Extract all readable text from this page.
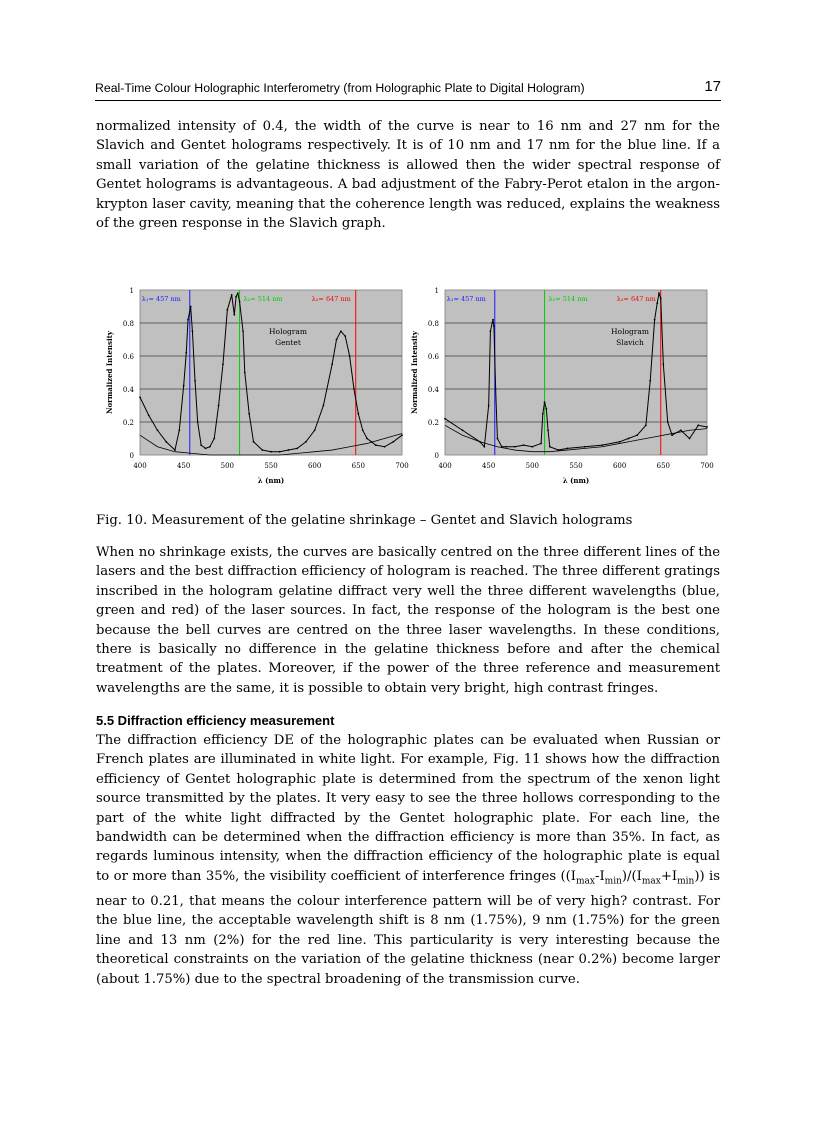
Real-Time Colour Holographic Interferometry (from Holographic Plate to Digital Hologram)	17

normalized intensity of 0.4, the width of the curve is near to 16 nm and 27 nm for the Slavich and Gentet holograms respectively. It is of 10 nm and 17 nm for the blue line. If a small variation of the gelatine thickness is allowed then the wider spectral response of Gentet holograms is advantageous. A bad adjustment of the Fabry-Perot etalon in the argon-krypton laser cavity, meaning that the coherence length was reduced, explains the weakness of the green response in the Slavich graph.

0
0.2
0.4
0.6
0.8
1
400	450	500	550	600	650	700
λ (nm)
Normalized Intensity
λ₁= 457 nm	λ₂= 514 nm	λ₃= 647 nm
Hologram
Gentet
0
0.2
0.4
0.6
0.8
1
400	450	500	550	600	650	700
λ (nm)
Normalized Intensity
λ₁= 457 nm	λ₂= 514 nm	λ₃= 647 nm
Hologram
Slavich

Fig. 10. Measurement of the gelatine shrinkage – Gentet and Slavich holograms

When no shrinkage exists, the curves are basically centred on the three different lines of the lasers and the best diffraction efficiency of hologram is reached. The three different gratings inscribed in the hologram gelatine diffract very well the three different wavelengths (blue, green and red) of the laser sources. In fact, the response of the hologram is the best one because the bell curves are centred on the three laser wavelengths. In these conditions, there is basically no difference in the gelatine thickness before and after the chemical treatment of the plates. Moreover, if the power of the three reference and measurement wavelengths are the same, it is possible to obtain very bright, high contrast fringes.

5.5 Diffraction efficiency measurement

The diffraction efficiency DE of the holographic plates can be evaluated when Russian or French plates are illuminated in white light. For example, Fig. 11 shows how the diffraction efficiency of Gentet holographic plate is determined from the spectrum of the xenon light source transmitted by the plates. It very easy to see the three hollows corresponding to the part of the white light diffracted by the Gentet holographic plate. For each line, the bandwidth can be determined when the diffraction efficiency is more than 35%. In fact, as regards luminous intensity, when the diffraction efficiency of the holographic plate is equal to or more than 35%, the visibility coefficient of interference fringes $((I_{max}-I_{min})/(I_{max}+I_{min}))$ is near to 0.21, that means the colour interference pattern will be of very high? contrast. For the blue line, the acceptable wavelength shift is 8 nm (1.75%), 9 nm (1.75%) for the green line and 13 nm (2%) for the red line. This particularity is very interesting because the theoretical constraints on the variation of the gelatine thickness (near 0.2%) become larger (about 1.75%) due to the spectral broadening of the transmission curve.
